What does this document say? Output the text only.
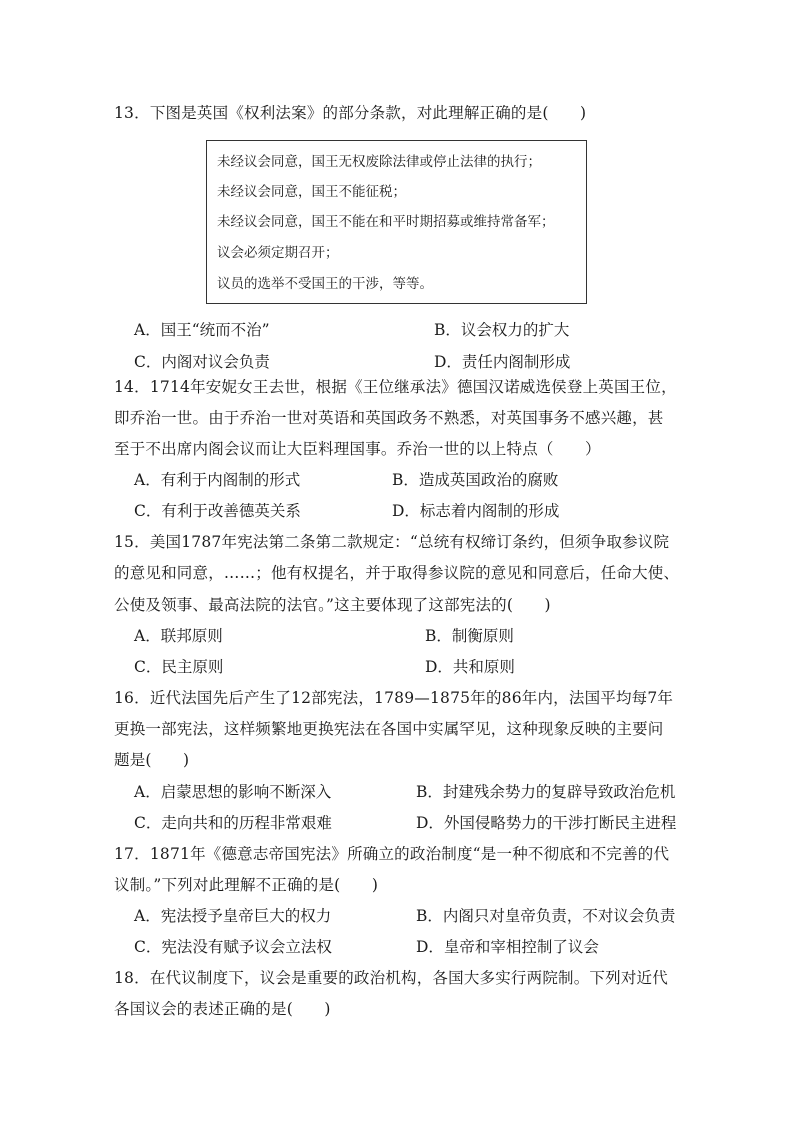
13．下图是英国《权利法案》的部分条款，对此理解正确的是(　　)
未经议会同意，国王无权废除法律或停止法律的执行；
未经议会同意，国王不能征税；
未经议会同意，国王不能在和平时期招募或维持常备军；
议会必须定期召开；
议员的选举不受国王的干涉，等等。
A．国王“统而不治”	B．议会权力的扩大
C．内阁对议会负责	D．责任内阁制形成
14．1714年安妮女王去世，根据《王位继承法》德国汉诺威选侯登上英国王位，
即乔治一世。由于乔治一世对英语和英国政务不熟悉，对英国事务不感兴趣，甚
至于不出席内阁会议而让大臣料理国事。乔治一世的以上特点（　　）
A．有利于内阁制的形式	B．造成英国政治的腐败
C．有利于改善德英关系	D．标志着内阁制的形成
15．美国1787年宪法第二条第二款规定：“总统有权缔订条约，但须争取参议院
的意见和同意，……；他有权提名，并于取得参议院的意见和同意后，任命大使、
公使及领事、最高法院的法官。”这主要体现了这部宪法的(　　)
A．联邦原则	B．制衡原则
C．民主原则	D．共和原则
16．近代法国先后产生了12部宪法，1789—1875年的86年内，法国平均每7年
更换一部宪法，这样频繁地更换宪法在各国中实属罕见，这种现象反映的主要问
题是(　　)
A．启蒙思想的影响不断深入	B．封建残余势力的复辟导致政治危机
C．走向共和的历程非常艰难	D．外国侵略势力的干涉打断民主进程
17．1871年《德意志帝国宪法》所确立的政治制度“是一种不彻底和不完善的代
议制。”下列对此理解不正确的是(　　)
A．宪法授予皇帝巨大的权力	B．内阁只对皇帝负责，不对议会负责
C．宪法没有赋予议会立法权	D．皇帝和宰相控制了议会
18．在代议制度下，议会是重要的政治机构，各国大多实行两院制。下列对近代
各国议会的表述正确的是(　　)
